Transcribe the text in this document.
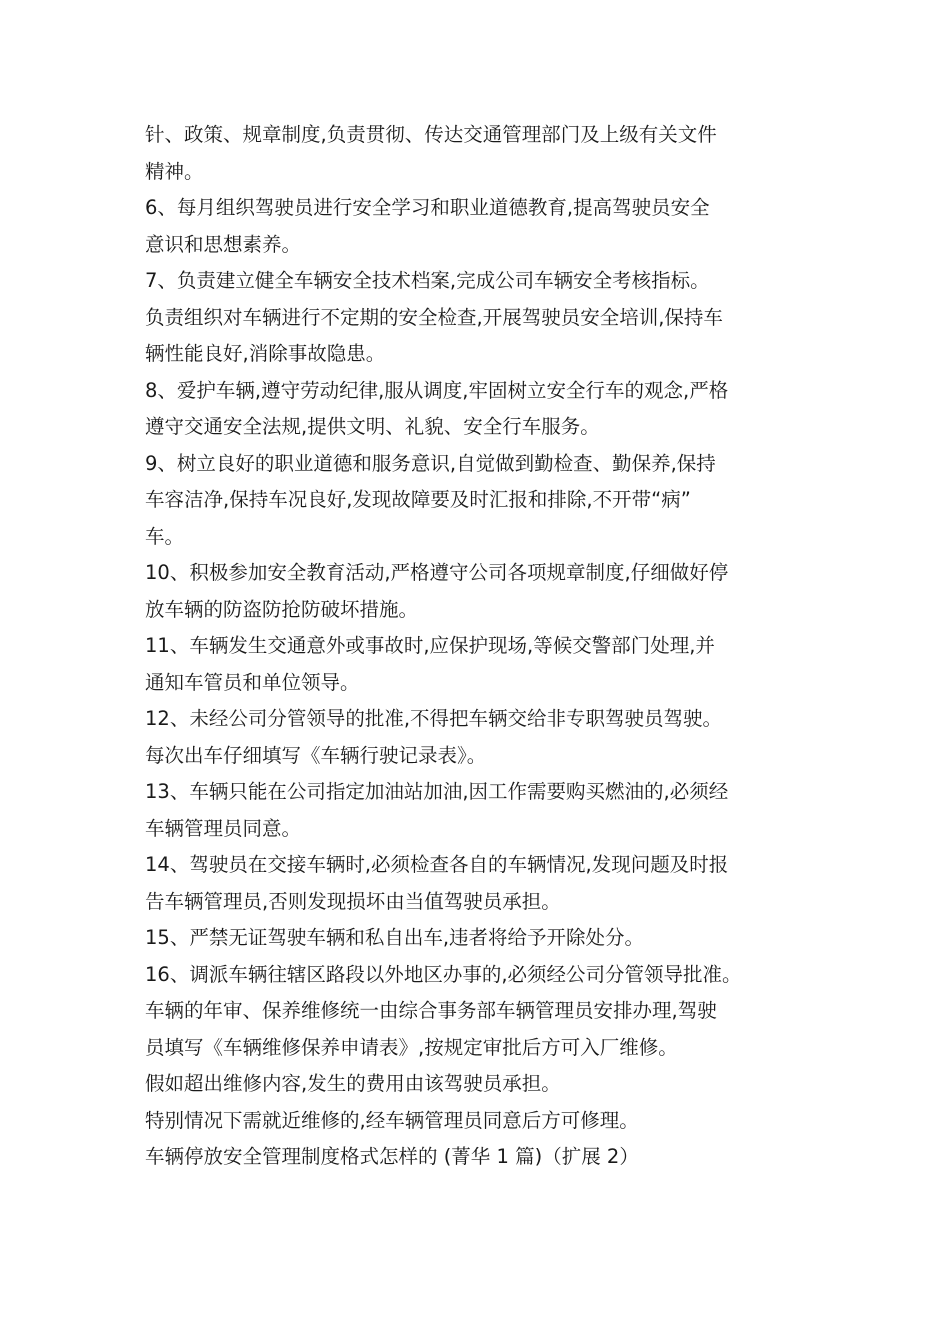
针、政策、规章制度,负责贯彻、传达交通管理部门及上级有关文件
精神。
6、每月组织驾驶员进行安全学习和职业道德教育,提高驾驶员安全
意识和思想素养。
7、负责建立健全车辆安全技术档案,完成公司车辆安全考核指标。
负责组织对车辆进行不定期的安全检查,开展驾驶员安全培训,保持车
辆性能良好,消除事故隐患。
8、爱护车辆,遵守劳动纪律,服从调度,牢固树立安全行车的观念,严格
遵守交通安全法规,提供文明、礼貌、安全行车服务。
9、树立良好的职业道德和服务意识,自觉做到勤检查、勤保养,保持
车容洁净,保持车况良好,发现故障要及时汇报和排除,不开带“病”
车。
10、积极参加安全教育活动,严格遵守公司各项规章制度,仔细做好停
放车辆的防盗防抢防破坏措施。
11、车辆发生交通意外或事故时,应保护现场,等候交警部门处理,并
通知车管员和单位领导。
12、未经公司分管领导的批准,不得把车辆交给非专职驾驶员驾驶。
每次出车仔细填写《车辆行驶记录表》。
13、车辆只能在公司指定加油站加油,因工作需要购买燃油的,必须经
车辆管理员同意。
14、驾驶员在交接车辆时,必须检查各自的车辆情况,发现问题及时报
告车辆管理员,否则发现损坏由当值驾驶员承担。
15、严禁无证驾驶车辆和私自出车,违者将给予开除处分。
16、调派车辆往辖区路段以外地区办事的,必须经公司分管领导批准。
车辆的年审、保养维修统一由综合事务部车辆管理员安排办理,驾驶
员填写《车辆维修保养申请表》,按规定审批后方可入厂维修。
假如超出维修内容,发生的费用由该驾驶员承担。
特别情况下需就近维修的,经车辆管理员同意后方可修理。
车辆停放安全管理制度格式怎样的 (菁华 1 篇)（扩展 2）
